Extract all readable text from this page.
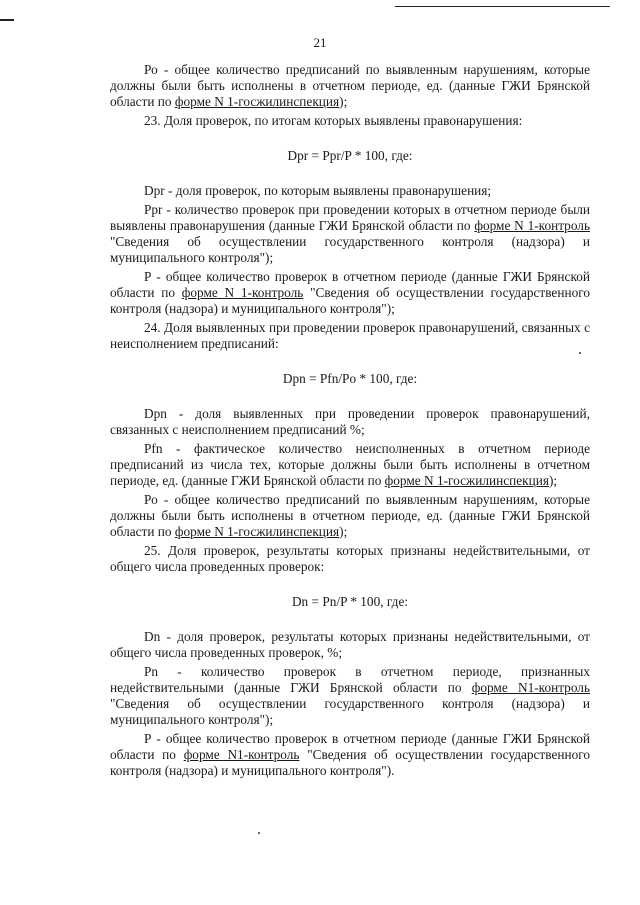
21

Ро - общее количество предписаний по выявленным нарушениям, которые должны были быть исполнены в отчетном периоде, ед. (данные ГЖИ Брянской области по форме N 1-госжилинспекция);

23. Доля проверок, по итогам которых выявлены правонарушения:

Dpr = Ppr/P * 100, где:

Dpr - доля проверок, по которым выявлены правонарушения;

Ppr - количество проверок при проведении которых в отчетном периоде были выявлены правонарушения (данные ГЖИ Брянской области по форме N 1-контроль "Сведения об осуществлении государственного контроля (надзора) и муниципального контроля");

Р - общее количество проверок в отчетном периоде (данные ГЖИ Брянской области по форме N 1-контроль "Сведения об осуществлении государственного контроля (надзора) и муниципального контроля");

24. Доля выявленных при проведении проверок правонарушений, связанных с неисполнением предписаний:

Dpn = Pfn/Po * 100, где:

Dpn - доля выявленных при проведении проверок правонарушений, связанных с неисполнением предписаний %;

Pfn - фактическое количество неисполненных в отчетном периоде предписаний из числа тех, которые должны были быть исполнены в отчетном периоде, ед. (данные ГЖИ Брянской области по форме N 1-госжилинспекция);

Ро - общее количество предписаний по выявленным нарушениям, которые должны были быть исполнены в отчетном периоде, ед. (данные ГЖИ Брянской области по форме N 1-госжилинспекция);

25. Доля проверок, результаты которых признаны недействительными, от общего числа проведенных проверок:

Dn = Pn/P * 100, где:

Dn - доля проверок, результаты которых признаны недействительными, от общего числа проведенных проверок, %;

Pn - количество проверок в отчетном периоде, признанных недействительными (данные ГЖИ Брянской области по форме N1-контроль "Сведения об осуществлении государственного контроля (надзора) и муниципального контроля");

Р - общее количество проверок в отчетном периоде (данные ГЖИ Брянской области по форме N1-контроль "Сведения об осуществлении государственного контроля (надзора) и муниципального контроля").
